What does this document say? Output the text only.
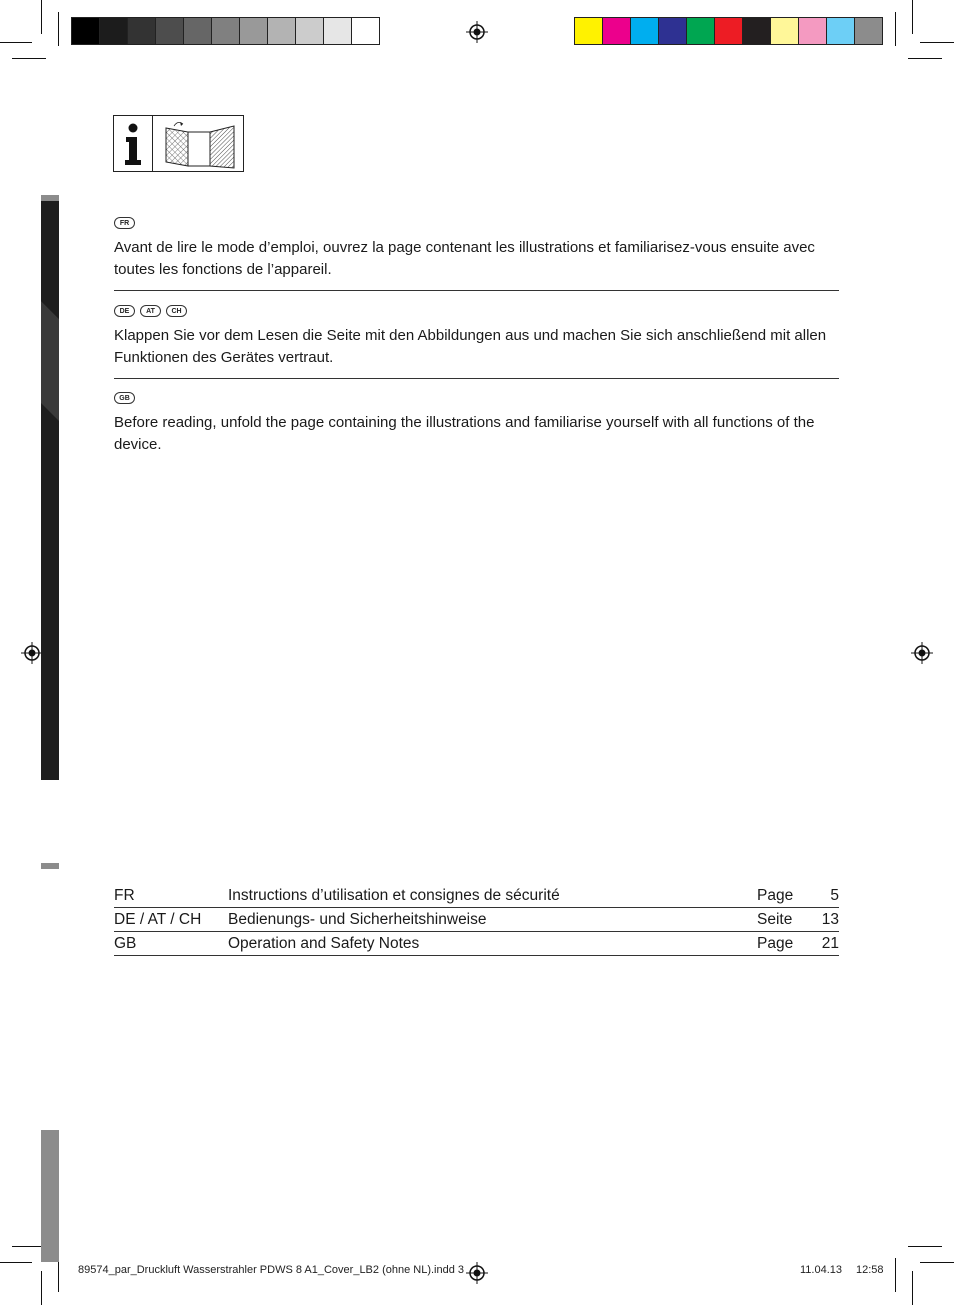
FR

Avant de lire le mode d’emploi, ouvrez la page contenant les illustrations et familiarisez-vous ensuite avec toutes les fonctions de l’appareil.

DE	AT	CH

Klappen Sie vor dem Lesen die Seite mit den Abbildungen aus und machen Sie sich anschließend mit allen Funktionen des Gerätes vertraut.

GB

Before reading, unfold the page containing the illustrations and familiarise yourself with all functions of the device.

FR	Instructions d’utilisation et consignes de sécurité	Page	5
DE / AT / CH	Bedienungs- und Sicherheitshinweise	Seite	13
GB	Operation and Safety Notes	Page	21
89574_par_Druckluft Wasserstrahler PDWS 8 A1_Cover_LB2 (ohne NL).indd 3	11.04.13 12:58
